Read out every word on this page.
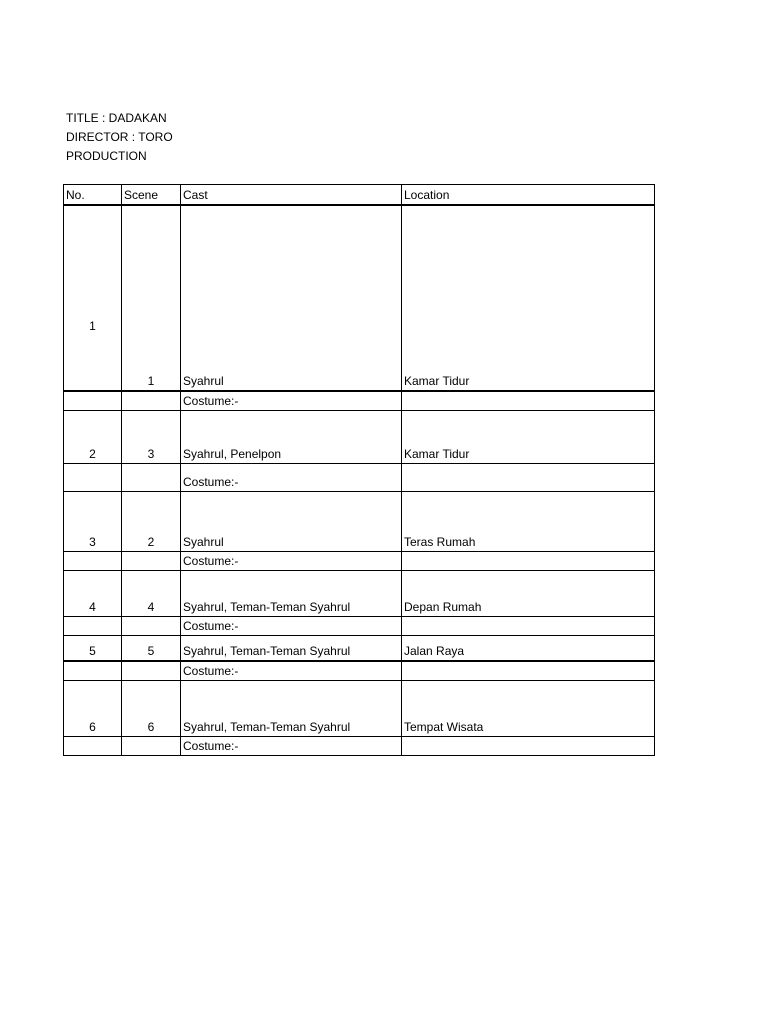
TITLE : DADAKAN
DIRECTOR : TORO
PRODUCTION
No.	Scene	Cast	Location
1	1	Syahrul	Kamar Tidur
		Costume:-	
2	3	Syahrul, Penelpon	Kamar Tidur
		Costume:-	
3	2	Syahrul	Teras Rumah
		Costume:-	
4	4	Syahrul, Teman-Teman Syahrul	Depan Rumah
		Costume:-	
5	5	Syahrul, Teman-Teman Syahrul	Jalan Raya
		Costume:-	
6	6	Syahrul, Teman-Teman Syahrul	Tempat Wisata
		Costume:-	
